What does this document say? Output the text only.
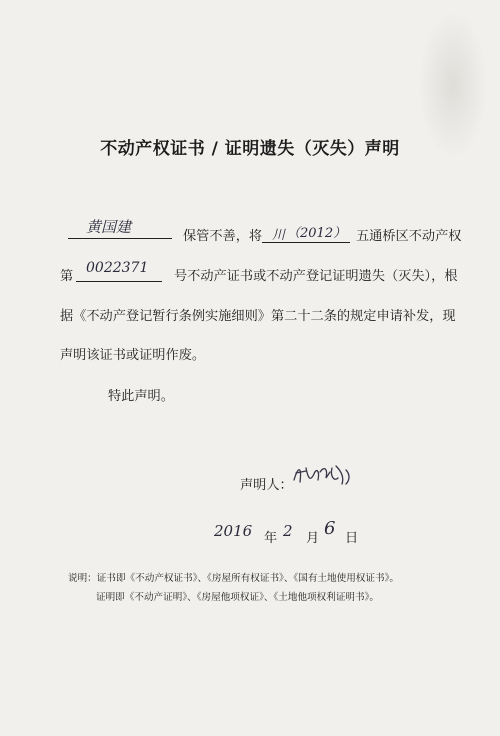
不动产权证书 / 证明遗失（灭失）声明
黄国建
保管不善，将 川 （2012） 五通桥区不动产权
第
0022371
号不动产证书或不动产登记证明遗失（灭失），根
据《不动产登记暂行条例实施细则》第二十二条的规定申请补发，现
声明该证书或证明作废。
特此声明。
声明人：
2016 年 2 月 6 日
说明：证书即《不动产权证书》、《房屋所有权证书》、《国有土地使用权证书》。
证明即《不动产证明》、《房屋他项权证》、《土地他项权利证明书》。
